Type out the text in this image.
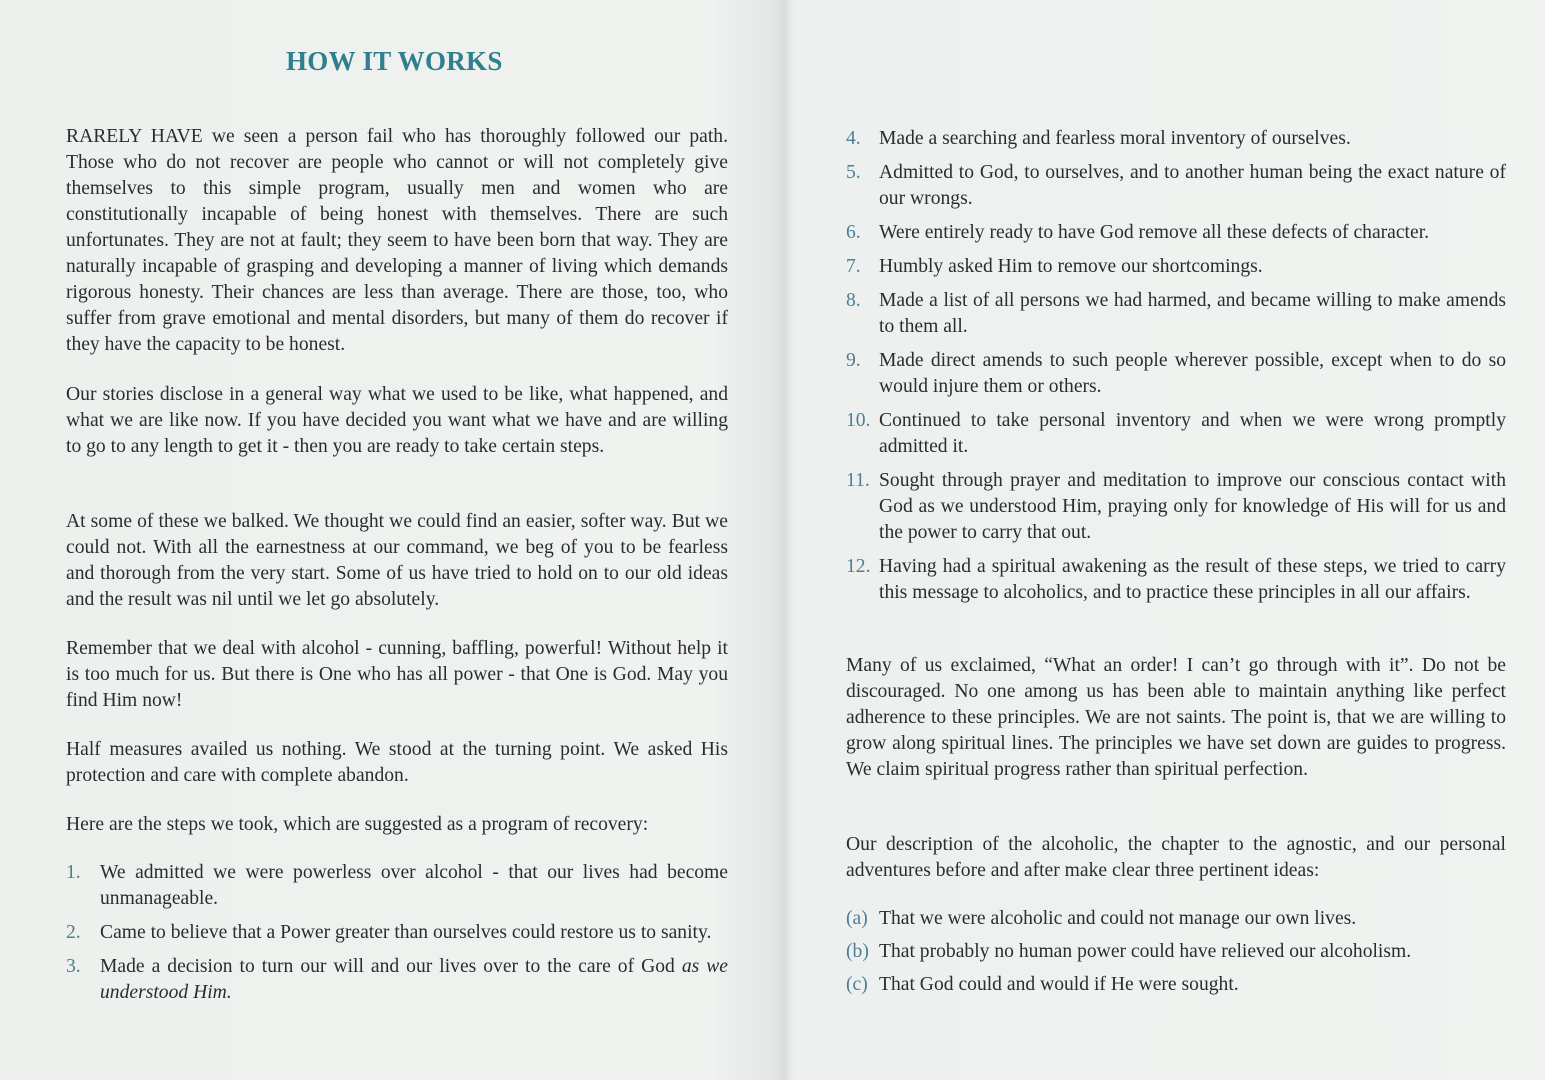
HOW IT WORKS

RARELY HAVE we seen a person fail who has thoroughly followed our path. Those who do not recover are people who cannot or will not completely give themselves to this simple program, usually men and women who are constitutionally incapable of being honest with themselves. There are such unfortunates. They are not at fault; they seem to have been born that way. They are naturally incapable of grasping and developing a manner of living which demands rigorous honesty. Their chances are less than average. There are those, too, who suffer from grave emotional and mental disorders, but many of them do recover if they have the capacity to be honest.

Our stories disclose in a general way what we used to be like, what happened, and what we are like now. If you have decided you want what we have and are willing to go to any length to get it - then you are ready to take certain steps.

At some of these we balked. We thought we could find an easier, softer way. But we could not. With all the earnestness at our command, we beg of you to be fearless and thorough from the very start. Some of us have tried to hold on to our old ideas and the result was nil until we let go absolutely.

Remember that we deal with alcohol - cunning, baffling, powerful! Without help it is too much for us. But there is One who has all power - that One is God. May you find Him now!

Half measures availed us nothing. We stood at the turning point. We asked His protection and care with complete abandon.

Here are the steps we took, which are suggested as a program of recovery:

1. We admitted we were powerless over alcohol - that our lives had become unmanageable.
2. Came to believe that a Power greater than ourselves could restore us to sanity.
3. Made a decision to turn our will and our lives over to the care of God as we understood Him.
4. Made a searching and fearless moral inventory of ourselves.
5. Admitted to God, to ourselves, and to another human being the exact nature of our wrongs.
6. Were entirely ready to have God remove all these defects of character.
7. Humbly asked Him to remove our shortcomings.
8. Made a list of all persons we had harmed, and became willing to make amends to them all.
9. Made direct amends to such people wherever possible, except when to do so would injure them or others.
10. Continued to take personal inventory and when we were wrong promptly admitted it.
11. Sought through prayer and meditation to improve our conscious contact with God as we understood Him, praying only for knowledge of His will for us and the power to carry that out.
12. Having had a spiritual awakening as the result of these steps, we tried to carry this message to alcoholics, and to practice these principles in all our affairs.

Many of us exclaimed, “What an order! I can’t go through with it”. Do not be discouraged. No one among us has been able to maintain anything like perfect adherence to these principles. We are not saints. The point is, that we are willing to grow along spiritual lines. The principles we have set down are guides to progress. We claim spiritual progress rather than spiritual perfection.

Our description of the alcoholic, the chapter to the agnostic, and our personal adventures before and after make clear three pertinent ideas:

(a) That we were alcoholic and could not manage our own lives.
(b) That probably no human power could have relieved our alcoholism.
(c) That God could and would if He were sought.
